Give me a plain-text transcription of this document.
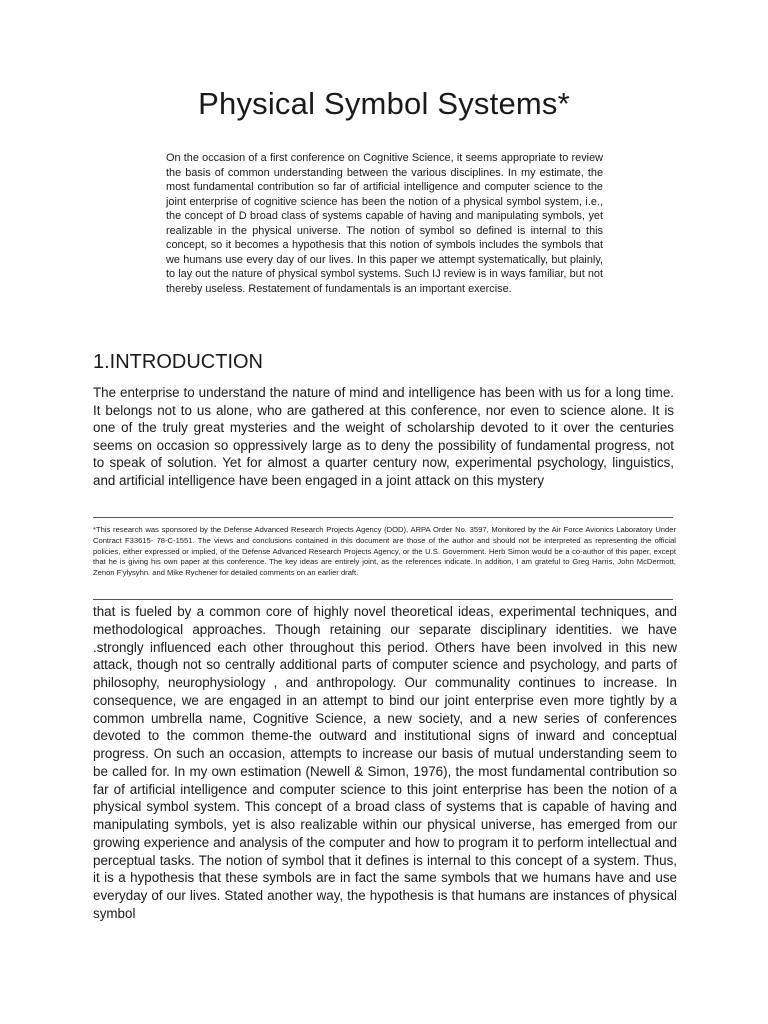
Physical Symbol Systems*

On the occasion of a first conference on Cognitive Science, it seems appropriate to review the basis of common understanding between the various disciplines. In my estimate, the most fundamental contribution so far of artificial intelligence and computer science to the joint enterprise of cognitive science has been the notion of a physical symbol system, i.e., the concept of D broad class of systems capable of having and manipulating symbols, yet realizable in the physical universe. The notion of symbol so defined is internal to this concept, so it becomes a hypothesis that this notion of symbols includes the symbols that we humans use every day of our lives. In this paper we attempt systematically, but plainly, to lay out the nature of physical symbol systems. Such IJ review is in ways familiar, but not thereby useless. Restatement of fundamentals is an important exercise.

1.INTRODUCTION

The enterprise to understand the nature of mind and intelligence has been with us for a long time. It belongs not to us alone, who are gathered at this conference, nor even to science alone. It is one of the truly great mysteries and the weight of scholarship devoted to it over the centuries seems on occasion so oppressively large as to deny the possibility of fundamental progress, not to speak of solution. Yet for almost a quarter century now, experimental psychology, linguistics, and artificial intelligence have been engaged in a joint attack on this mystery

*This research was sponsored by the Defense Advanced Research Projects Agency (DOD), ARPA Order No. 3597, Monitored by the Air Force Avionics Laboratory Under Contract F33615- 78-C-1551. The views and conclusions contained in this document are those of the author and should not be interpreted as representing the official policies, either expressed or implied, of the Defense Advanced Research Projects Agency, or the U.S. Government. Herb Simon would be a co-author of this paper, except that he is giving his own paper at this conference. The key ideas are entirely joint, as the references indicate. In addition, I am grateful to Greg Harris, John McDermott, Zenon F'ylysyhn. and Mike Rychener for detailed comments on an earlier draft.

that is fueled by a common core of highly novel theoretical ideas, experimental techniques, and methodological approaches. Though retaining our separate disciplinary identities. we have .strongly influenced each other throughout this period. Others have been involved in this new attack, though not so centrally additional parts of computer science and psychology, and parts of philosophy, neurophysiology , and anthropology. Our communality continues to increase. In consequence, we are engaged in an attempt to bind our joint enterprise even more tightly by a common umbrella name, Cognitive Science, a new society, and a new series of conferences devoted to the common theme-the outward and institutional signs of inward and conceptual progress. On such an occasion, attempts to increase our basis of mutual understanding seem to be called for. In my own estimation (Newell & Simon, 1976), the most fundamental contribution so far of artificial intelligence and computer science to this joint enterprise has been the notion of a physical symbol system. This concept of a broad class of systems that is capable of having and manipulating symbols, yet is also realizable within our physical universe, has emerged from our growing experience and analysis of the computer and how to program it to perform intellectual and perceptual tasks. The notion of symbol that it defines is internal to this concept of a system. Thus, it is a hypothesis that these symbols are in fact the same symbols that we humans have and use everyday of our lives. Stated another way, the hypothesis is that humans are instances of physical symbol
